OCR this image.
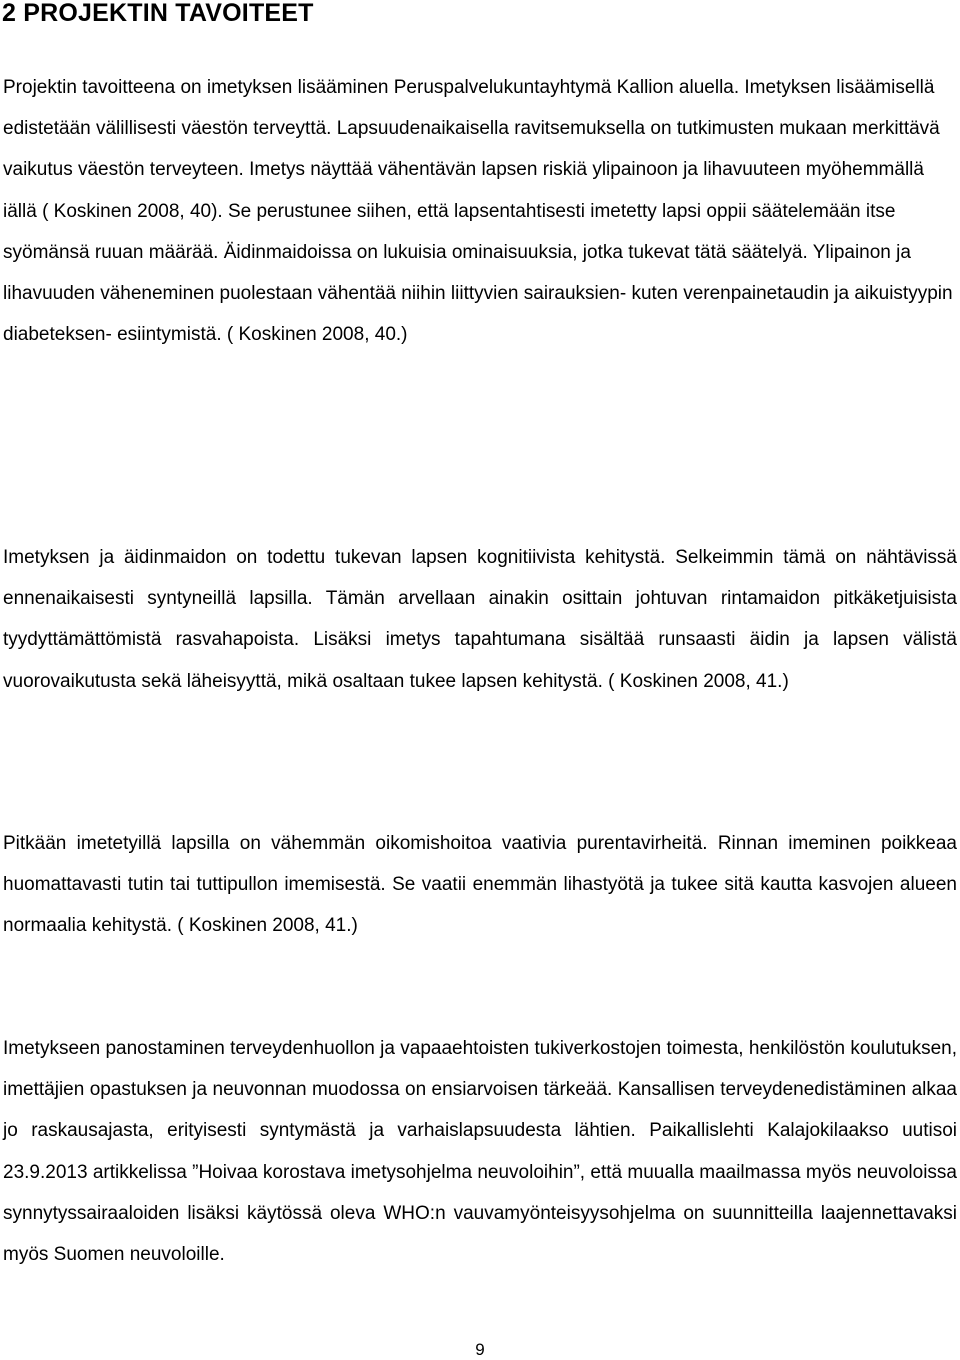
2 PROJEKTIN TAVOITEET

Projektin tavoitteena on imetyksen lisääminen Peruspalvelukuntayhtymä Kallion aluella. Imetyksen lisäämisellä edistetään välillisesti väestön terveyttä. Lapsuudenaikaisella ravitsemuksella on tutkimusten mukaan merkittävä vaikutus väestön terveyteen. Imetys näyttää vähentävän lapsen riskiä ylipainoon ja lihavuuteen myöhemmällä iällä ( Koskinen 2008, 40). Se perustunee siihen, että lapsentahtisesti imetetty lapsi oppii säätelemään itse syömänsä ruuan määrää. Äidinmaidoissa on lukuisia ominaisuuksia, jotka tukevat tätä säätelyä. Ylipainon ja lihavuuden väheneminen puolestaan vähentää niihin liittyvien sairauksien- kuten verenpainetaudin ja aikuistyypin diabeteksen- esiintymistä. ( Koskinen 2008, 40.)

Imetyksen ja äidinmaidon on todettu tukevan lapsen kognitiivista kehitystä. Selkeimmin tämä on nähtävissä ennenaikaisesti syntyneillä lapsilla. Tämän arvellaan ainakin osittain johtuvan rintamaidon pitkäketjuisista tyydyttämättömistä rasvahapoista. Lisäksi imetys tapahtumana sisältää runsaasti äidin ja lapsen välistä vuorovaikutusta sekä läheisyyttä, mikä osaltaan tukee lapsen kehitystä. ( Koskinen 2008, 41.)

Pitkään imetetyillä lapsilla on vähemmän oikomishoitoa vaativia purentavirheitä. Rinnan imeminen poikkeaa huomattavasti tutin tai tuttipullon imemisestä. Se vaatii enemmän lihastyötä ja tukee sitä kautta kasvojen alueen normaalia kehitystä. ( Koskinen 2008, 41.)

Imetykseen panostaminen terveydenhuollon ja vapaaehtoisten tukiverkostojen toimesta, henkilöstön koulutuksen, imettäjien opastuksen ja neuvonnan muodossa on ensiarvoisen tärkeää. Kansallisen terveydenedistäminen alkaa jo raskausajasta, erityisesti syntymästä ja varhaislapsuudesta lähtien. Paikallislehti Kalajokilaakso uutisoi 23.9.2013 artikkelissa ”Hoivaa korostava imetysohjelma neuvoloihin”, että muualla maailmassa myös neuvoloissa synnytyssairaaloiden lisäksi käytössä oleva WHO:n vauvamyönteisyysohjelma on suunnitteilla laajennettavaksi myös Suomen neuvoloille.

9
